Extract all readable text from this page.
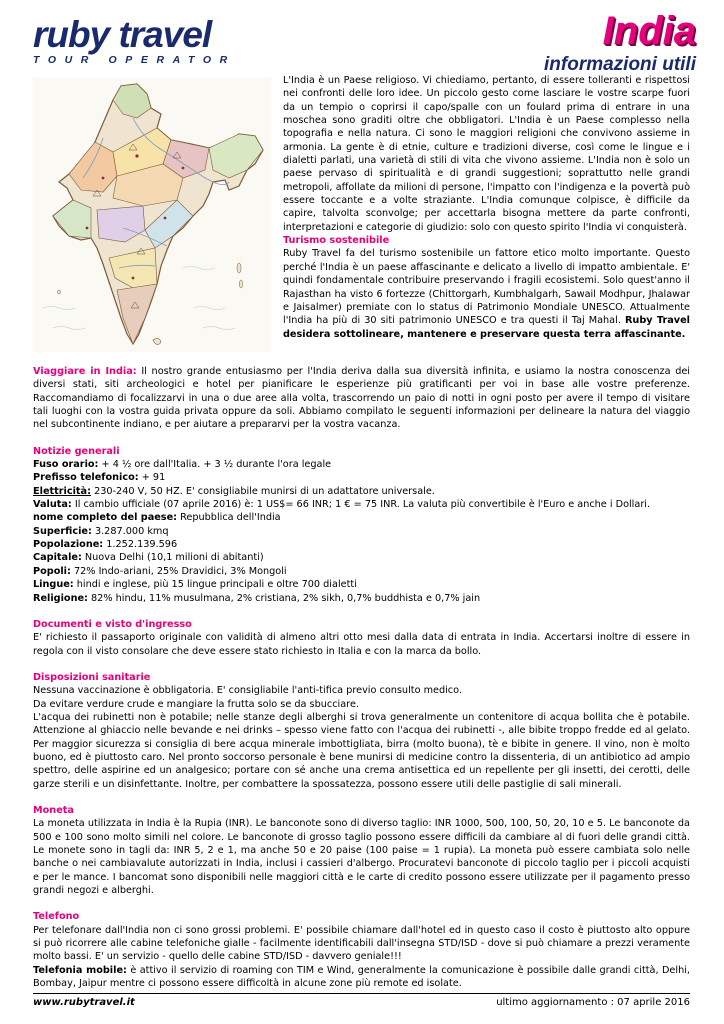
ruby travel
TOUR OPERATOR
India
informazioni utili

L'India è un Paese religioso. Vi chiediamo, pertanto, di essere tolleranti e rispettosi nei confronti delle loro idee. Un piccolo gesto come lasciare le vostre scarpe fuori da un tempio o coprirsi il capo/spalle con un foulard prima di entrare in una moschea sono graditi oltre che obbligatori. L'India è un Paese complesso nella topografia e nella natura. Ci sono le maggiori religioni che convivono assieme in armonia. La gente è di etnie, culture e tradizioni diverse, così come le lingue e i dialetti parlati, una varietà di stili di vita che vivono assieme. L'India non è solo un paese pervaso di spiritualità e di grandi suggestioni; soprattutto nelle grandi metropoli, affollate da milioni di persone, l'impatto con l'indigenza e la povertà può essere toccante e a volte straziante. L'India comunque colpisce, è difficile da capire, talvolta sconvolge; per accettarla bisogna mettere da parte confronti, interpretazioni e categorie di giudizio: solo con questo spirito l'India vi conquisterà.

Turismo sostenibile

Ruby Travel fa del turismo sostenibile un fattore etico molto importante. Questo perché l'India è un paese affascinante e delicato a livello di impatto ambientale. E' quindi fondamentale contribuire preservando i fragili ecosistemi. Solo quest'anno il Rajasthan ha visto 6 fortezze (Chittorgarh, Kumbhalgarh, Sawail Modhpur, Jhalawar e Jaisalmer) premiate con lo status di Patrimonio Mondiale UNESCO. Attualmente l'India ha più di 30 siti patrimonio UNESCO e tra questi il Taj Mahal. Ruby Travel desidera sottolineare, mantenere e preservare questa terra affascinante.

Viaggiare in India: Il nostro grande entusiasmo per l'India deriva dalla sua diversità infinita, e usiamo la nostra conoscenza dei diversi stati, siti archeologici e hotel per pianificare le esperienze più gratificanti per voi in base alle vostre preferenze. Raccomandiamo di focalizzarvi in una o due aree alla volta, trascorrendo un paio di notti in ogni posto per avere il tempo di visitare tali luoghi con la vostra guida privata oppure da soli. Abbiamo compilato le seguenti informazioni per delineare la natura del viaggio nel subcontinente indiano, e per aiutare a prepararvi per la vostra vacanza.

Notizie generali

Fuso orario: + 4 ½ ore dall'Italia. + 3 ½ durante l'ora legale

Prefisso telefonico: + 91

Elettricità: 230-240 V, 50 HZ. E' consigliabile munirsi di un adattatore universale.

Valuta: Il cambio ufficiale (07 aprile 2016) è: 1 US$= 66 INR; 1 € = 75 INR. La valuta più convertibile è l'Euro e anche i Dollari.

nome completo del paese: Repubblica dell'India

Superficie: 3.287.000 kmq

Popolazione: 1.252.139.596

Capitale: Nuova Delhi (10,1 milioni di abitanti)

Popoli: 72% Indo-ariani, 25% Dravidici, 3% Mongoli

Lingue: hindi e inglese, più 15 lingue principali e oltre 700 dialetti

Religione: 82% hindu, 11% musulmana, 2% cristiana, 2% sikh, 0,7% buddhista e 0,7% jain

Documenti e visto d'ingresso

E' richiesto il passaporto originale con validità di almeno altri otto mesi dalla data di entrata in India. Accertarsi inoltre di essere in regola con il visto consolare che deve essere stato richiesto in Italia e con la marca da bollo.

Disposizioni sanitarie

Nessuna vaccinazione è obbligatoria. E' consigliabile l'anti-tifica previo consulto medico.

Da evitare verdure crude e mangiare la frutta solo se da sbucciare.

L'acqua dei rubinetti non è potabile; nelle stanze degli alberghi si trova generalmente un contenitore di acqua bollita che è potabile. Attenzione al ghiaccio nelle bevande e nei drinks – spesso viene fatto con l'acqua dei rubinetti -, alle bibite troppo fredde ed al gelato. Per maggior sicurezza si consiglia di bere acqua minerale imbottigliata, birra (molto buona), tè e bibite in genere. Il vino, non è molto buono, ed è piuttosto caro. Nel pronto soccorso personale è bene munirsi di medicine contro la dissenteria, di un antibiotico ad ampio spettro, delle aspirine ed un analgesico; portare con sé anche una crema antisettica ed un repellente per gli insetti, dei cerotti, delle garze sterili e un disinfettante. Inoltre, per combattere la spossatezza, possono essere utili delle pastiglie di sali minerali.

Moneta

La moneta utilizzata in India è la Rupia (INR). Le banconote sono di diverso taglio: INR 1000, 500, 100, 50, 20, 10 e 5. Le banconote da 500 e 100 sono molto simili nel colore. Le banconote di grosso taglio possono essere difficili da cambiare al di fuori delle grandi città. Le monete sono in tagli da: INR 5, 2 e 1, ma anche 50 e 20 paise (100 paise = 1 rupia). La moneta può essere cambiata solo nelle banche o nei cambiavalute autorizzati in India, inclusi i cassieri d'albergo. Procuratevi banconote di piccolo taglio per i piccoli acquisti e per le mance. I bancomat sono disponibili nelle maggiori città e le carte di credito possono essere utilizzate per il pagamento presso grandi negozi e alberghi.

Telefono

Per telefonare dall'India non ci sono grossi problemi. E' possibile chiamare dall'hotel ed in questo caso il costo è piuttosto alto oppure si può ricorrere alle cabine telefoniche gialle - facilmente identificabili dall'insegna STD/ISD - dove si può chiamare a prezzi veramente molto bassi. E' un servizio - quello delle cabine STD/ISD - davvero geniale!!!

Telefonia mobile: è attivo il servizio di roaming con TIM e Wind, generalmente la comunicazione è possibile dalle grandi città, Delhi, Bombay, Jaipur mentre ci possono essere difficoltà in alcune zone più remote ed isolate.

www.rubytravel.it	ultimo aggiornamento : 07 aprile 2016
